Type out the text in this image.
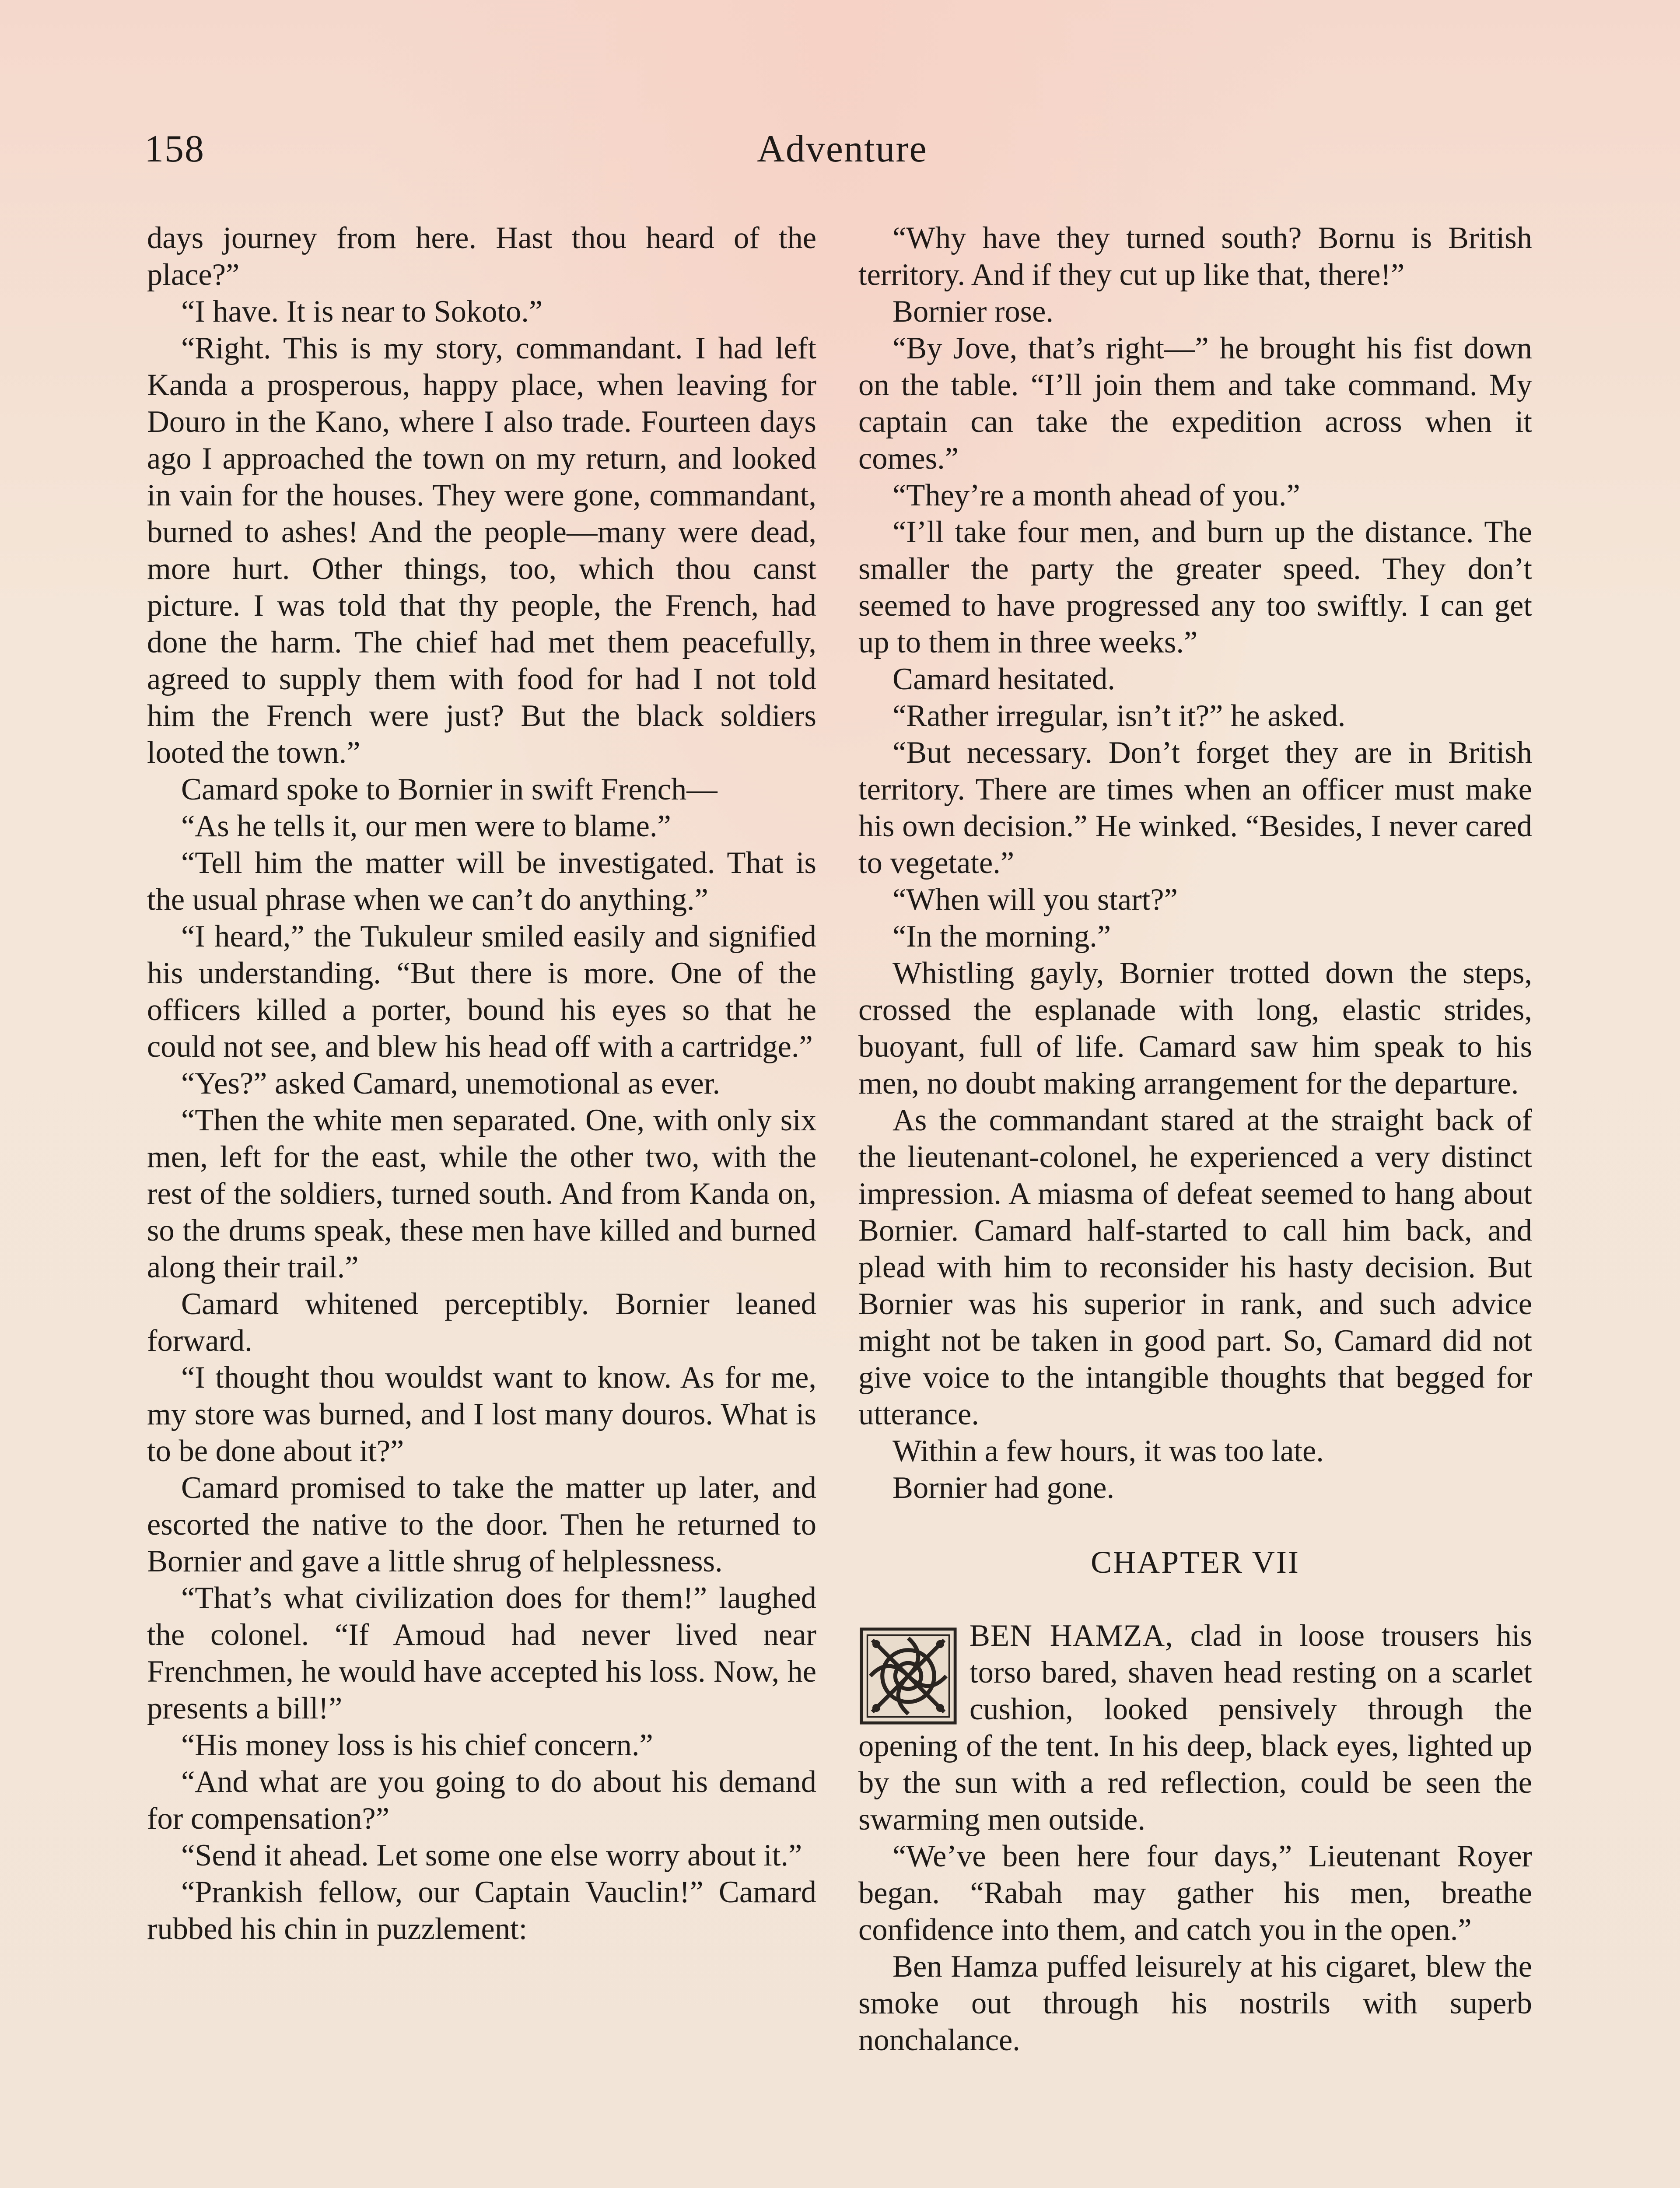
158	Adventure

days journey from here. Hast thou heard of the place?”

“I have. It is near to Sokoto.”

“Right. This is my story, commandant. I had left Kanda a prosperous, happy place, when leaving for Douro in the Kano, where I also trade. Fourteen days ago I approached the town on my return, and looked in vain for the houses. They were gone, commandant, burned to ashes! And the people—many were dead, more hurt. Other things, too, which thou canst picture. I was told that thy people, the French, had done the harm. The chief had met them peacefully, agreed to supply them with food for had I not told him the French were just? But the black soldiers looted the town.”

Camard spoke to Bornier in swift French—

“As he tells it, our men were to blame.”

“Tell him the matter will be investigated. That is the usual phrase when we can’t do anything.”

“I heard,” the Tukuleur smiled easily and signified his understanding. “But there is more. One of the officers killed a porter, bound his eyes so that he could not see, and blew his head off with a cartridge.”

“Yes?” asked Camard, unemotional as ever.

“Then the white men separated. One, with only six men, left for the east, while the other two, with the rest of the soldiers, turned south. And from Kanda on, so the drums speak, these men have killed and burned along their trail.”

Camard whitened perceptibly. Bornier leaned forward.

“I thought thou wouldst want to know. As for me, my store was burned, and I lost many douros. What is to be done about it?”

Camard promised to take the matter up later, and escorted the native to the door. Then he returned to Bornier and gave a little shrug of helplessness.

“That’s what civilization does for them!” laughed the colonel. “If Amoud had never lived near Frenchmen, he would have accepted his loss. Now, he presents a bill!”

“His money loss is his chief concern.”

“And what are you going to do about his demand for compensation?”

“Send it ahead. Let some one else worry about it.”

“Prankish fellow, our Captain Vauclin!” Camard rubbed his chin in puzzlement:

“Why have they turned south? Bornu is British territory. And if they cut up like that, there!”

Bornier rose.

“By Jove, that’s right—” he brought his fist down on the table. “I’ll join them and take command. My captain can take the expedition across when it comes.”

“They’re a month ahead of you.”

“I’ll take four men, and burn up the distance. The smaller the party the greater speed. They don’t seemed to have progressed any too swiftly. I can get up to them in three weeks.”

Camard hesitated.

“Rather irregular, isn’t it?” he asked.

“But necessary. Don’t forget they are in British territory. There are times when an officer must make his own decision.” He winked. “Besides, I never cared to vegetate.”

“When will you start?”

“In the morning.”

Whistling gayly, Bornier trotted down the steps, crossed the esplanade with long, elastic strides, buoyant, full of life. Camard saw him speak to his men, no doubt making arrangement for the departure.

As the commandant stared at the straight back of the lieutenant-colonel, he experienced a very distinct impression. A miasma of defeat seemed to hang about Bornier. Camard half-started to call him back, and plead with him to reconsider his hasty decision. But Bornier was his superior in rank, and such advice might not be taken in good part. So, Camard did not give voice to the intangible thoughts that begged for utterance.

Within a few hours, it was too late.

Bornier had gone.

CHAPTER VII

BEN HAMZA, clad in loose trousers his torso bared, shaven head resting on a scarlet cushion, looked pensively through the opening of the tent. In his deep, black eyes, lighted up by the sun with a red reflection, could be seen the swarming men outside.

“We’ve been here four days,” Lieutenant Royer began. “Rabah may gather his men, breathe confidence into them, and catch you in the open.”

Ben Hamza puffed leisurely at his cigaret, blew the smoke out through his nostrils with superb nonchalance.
